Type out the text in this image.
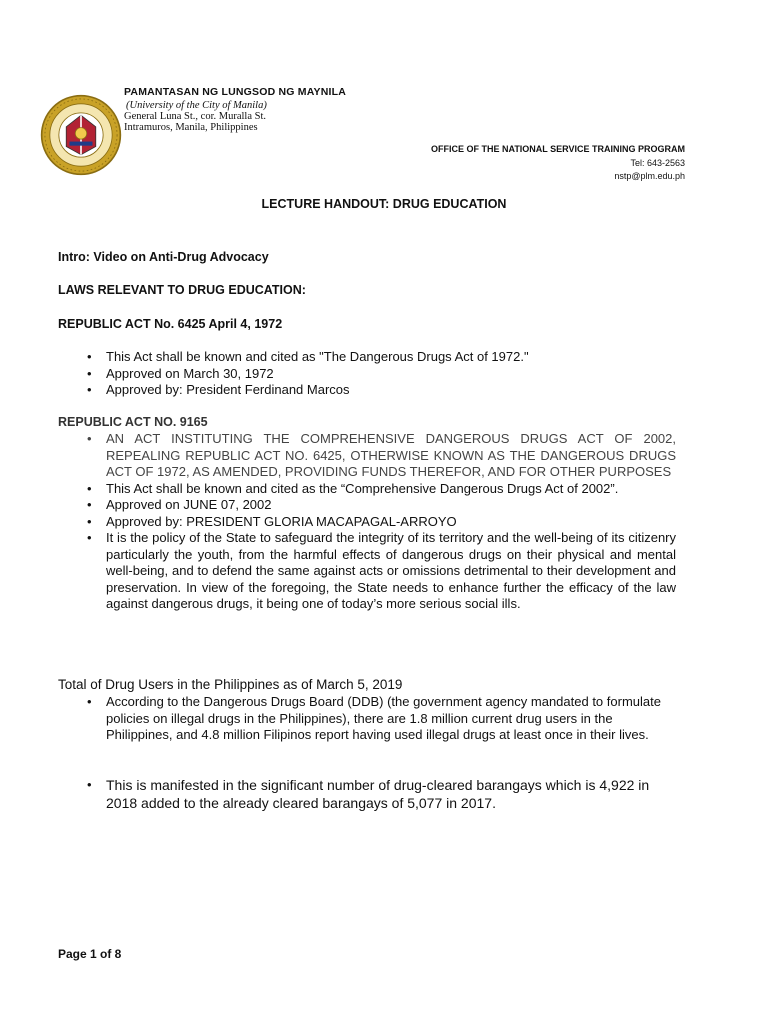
PAMANTASAN NG LUNGSOD NG MAYNILA
(University of the City of Manila)
General Luna St., cor. Muralla St.
Intramuros, Manila, Philippines
OFFICE OF THE NATIONAL SERVICE TRAINING PROGRAM
Tel: 643-2563
nstp@plm.edu.ph
LECTURE HANDOUT: DRUG EDUCATION
Intro: Video on Anti-Drug Advocacy
LAWS RELEVANT TO DRUG EDUCATION:
REPUBLIC ACT No. 6425 April 4, 1972
• This Act shall be known and cited as "The Dangerous Drugs Act of 1972."
• Approved on March 30, 1972
• Approved by: President Ferdinand Marcos
REPUBLIC ACT NO. 9165
• AN ACT INSTITUTING THE COMPREHENSIVE DANGEROUS DRUGS ACT OF 2002, REPEALING REPUBLIC ACT NO. 6425, OTHERWISE KNOWN AS THE DANGEROUS DRUGS ACT OF 1972, AS AMENDED, PROVIDING FUNDS THEREFOR, AND FOR OTHER PURPOSES
• This Act shall be known and cited as the “Comprehensive Dangerous Drugs Act of 2002”.
• Approved on JUNE 07, 2002
• Approved by: PRESIDENT GLORIA MACAPAGAL-ARROYO
• It is the policy of the State to safeguard the integrity of its territory and the well-being of its citizenry particularly the youth, from the harmful effects of dangerous drugs on their physical and mental well-being, and to defend the same against acts or omissions detrimental to their development and preservation. In view of the foregoing, the State needs to enhance further the efficacy of the law against dangerous drugs, it being one of today’s more serious social ills.
Total of Drug Users in the Philippines as of March 5, 2019
• According to the Dangerous Drugs Board (DDB) (the government agency mandated to formulate policies on illegal drugs in the Philippines), there are 1.8 million current drug users in the Philippines, and 4.8 million Filipinos report having used illegal drugs at least once in their lives.
• This is manifested in the significant number of drug-cleared barangays which is 4,922 in 2018 added to the already cleared barangays of 5,077 in 2017.
Page 1 of 8
